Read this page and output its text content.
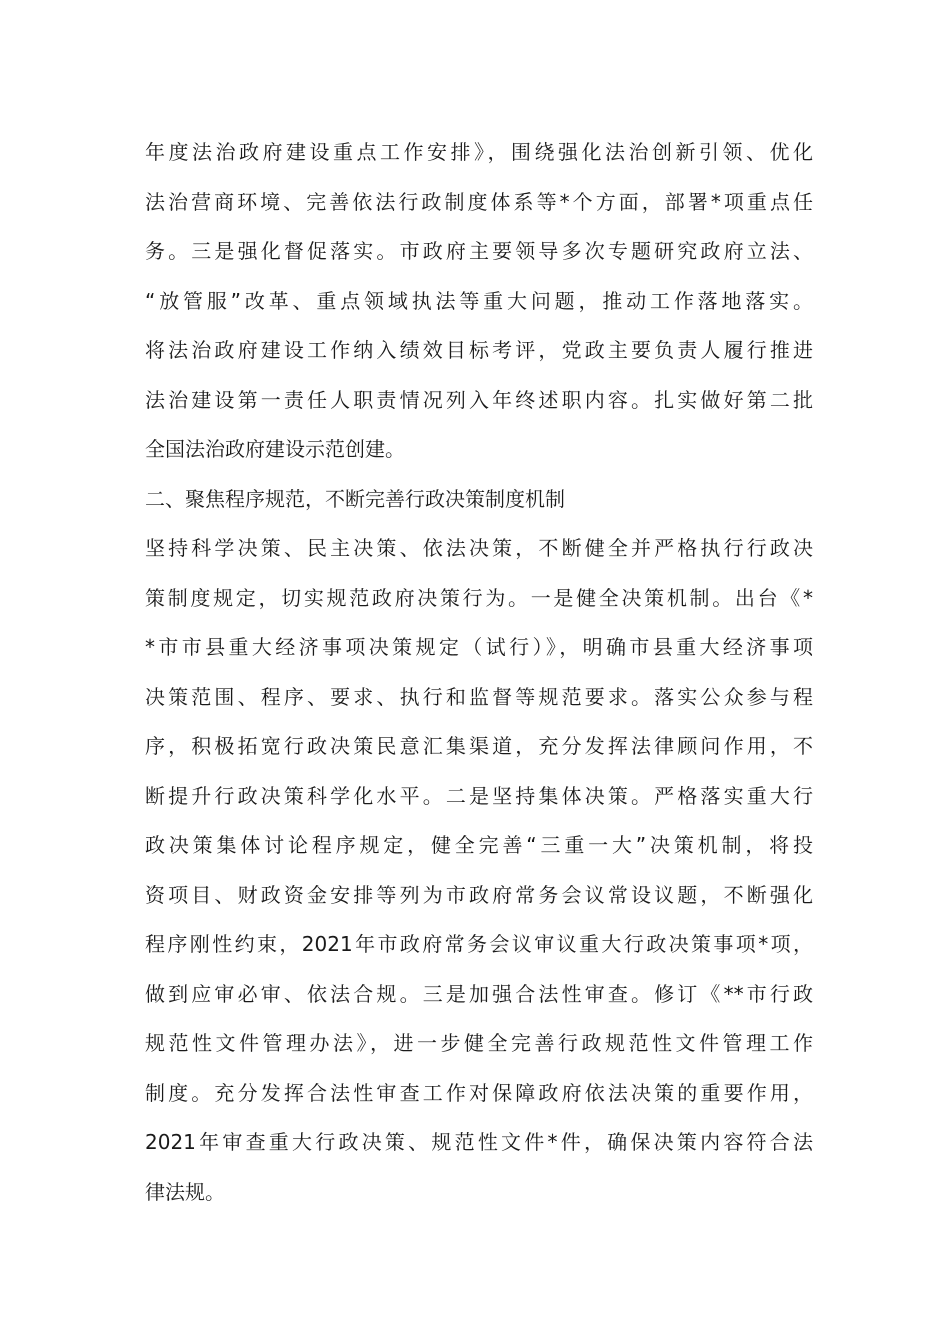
年度法治政府建设重点工作安排》，围绕强化法治创新引领、优化
法治营商环境、完善依法行政制度体系等*个方面，部署*项重点任
务。三是强化督促落实。市政府主要领导多次专题研究政府立法、
“放管服”改革、重点领域执法等重大问题，推动工作落地落实。
将法治政府建设工作纳入绩效目标考评，党政主要负责人履行推进
法治建设第一责任人职责情况列入年终述职内容。扎实做好第二批
全国法治政府建设示范创建。
二、聚焦程序规范，不断完善行政决策制度机制
坚持科学决策、民主决策、依法决策，不断健全并严格执行行政决
策制度规定，切实规范政府决策行为。一是健全决策机制。出台《*
*市市县重大经济事项决策规定（试行）》，明确市县重大经济事项
决策范围、程序、要求、执行和监督等规范要求。落实公众参与程
序，积极拓宽行政决策民意汇集渠道，充分发挥法律顾问作用，不
断提升行政决策科学化水平。二是坚持集体决策。严格落实重大行
政决策集体讨论程序规定，健全完善“三重一大”决策机制，将投
资项目、财政资金安排等列为市政府常务会议常设议题，不断强化
程序刚性约束，2021年市政府常务会议审议重大行政决策事项*项，
做到应审必审、依法合规。三是加强合法性审查。修订《**市行政
规范性文件管理办法》，进一步健全完善行政规范性文件管理工作
制度。充分发挥合法性审查工作对保障政府依法决策的重要作用，
2021年审查重大行政决策、规范性文件*件，确保决策内容符合法
律法规。
